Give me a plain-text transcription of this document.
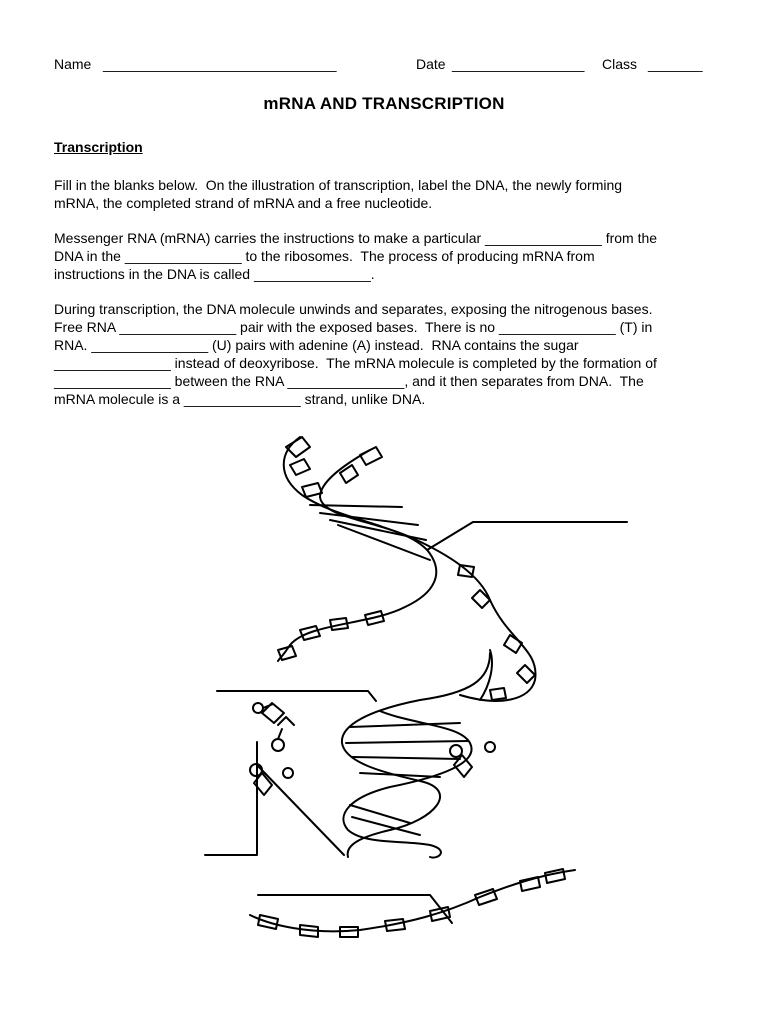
Name

______________________________

	Date

_________________

Class

_______

mRNA AND TRANSCRIPTION
Transcription
Fill in the blanks below.  On the illustration of transcription, label the DNA, the newly forming
mRNA, the completed strand of mRNA and a free nucleotide.
Messenger RNA (mRNA) carries the instructions to make a particular _______________ from the
DNA in the _______________ to the ribosomes.  The process of producing mRNA from
instructions in the DNA is called _______________.
During transcription, the DNA molecule unwinds and separates, exposing the nitrogenous bases.
Free RNA _______________ pair with the exposed bases.  There is no _______________ (T) in
RNA. _______________ (U) pairs with adenine (A) instead.  RNA contains the sugar
_______________ instead of deoxyribose.  The mRNA molecule is completed by the formation of
_______________ between the RNA _______________, and it then separates from DNA.  The
mRNA molecule is a _______________ strand, unlike DNA.
